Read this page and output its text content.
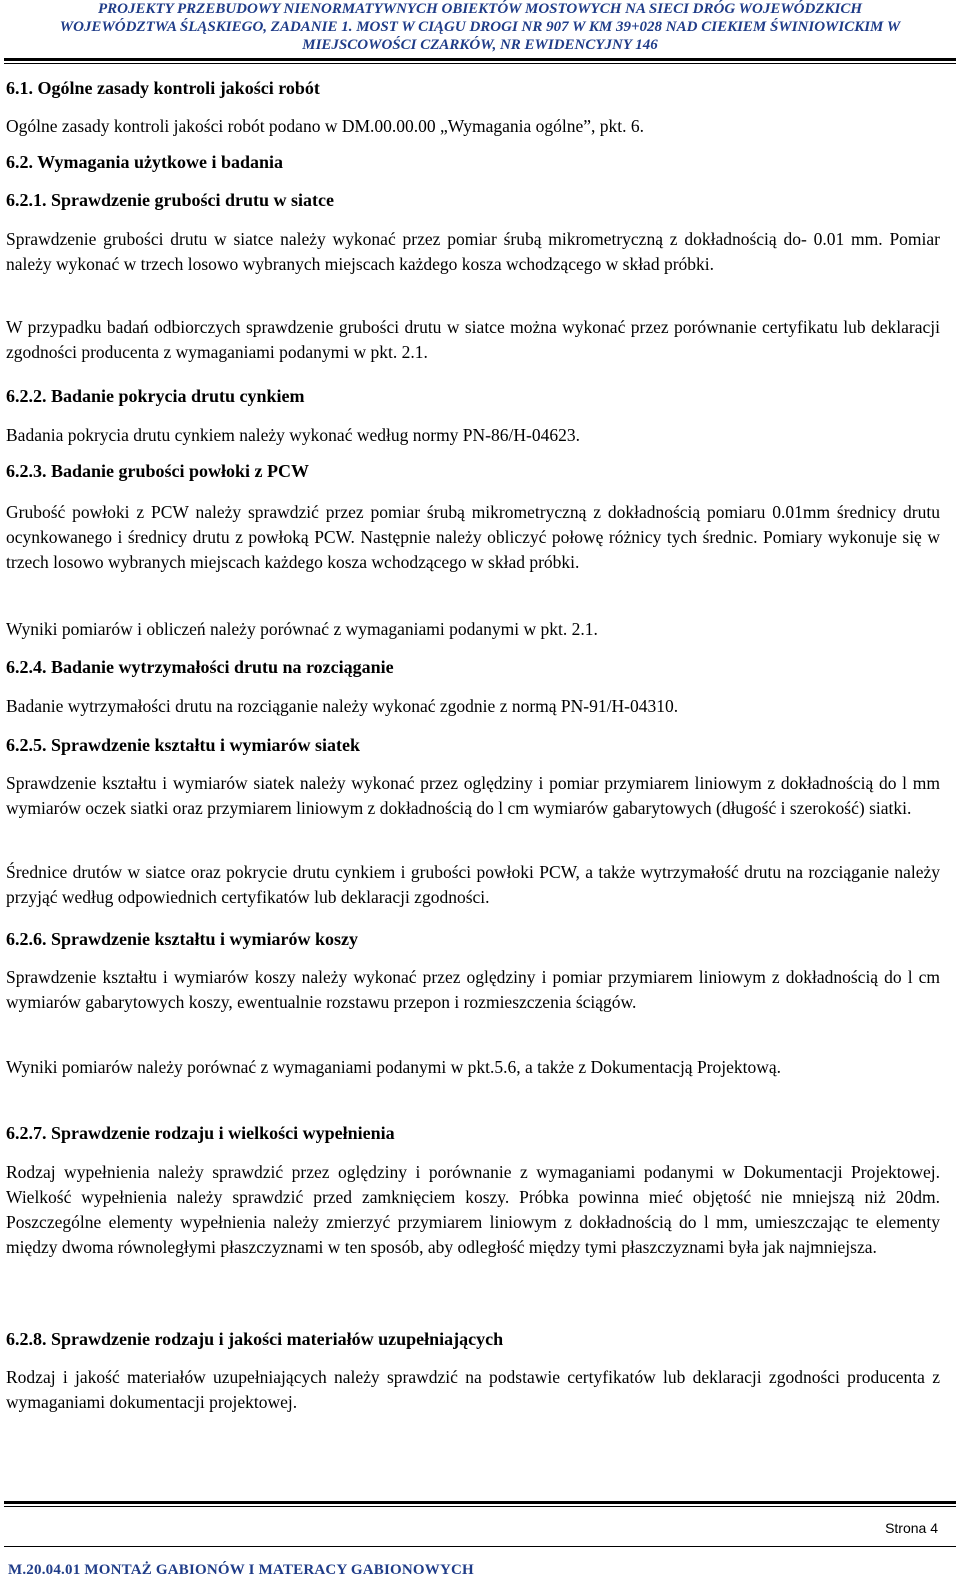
PROJEKTY PRZEBUDOWY NIENORMATYWNYCH OBIEKTÓW MOSTOWYCH NA SIECI DRÓG WOJEWÓDZKICH
WOJEWÓDZTWA ŚLĄSKIEGO, ZADANIE 1. MOST W CIĄGU DROGI NR 907 W KM 39+028 NAD CIEKIEM ŚWINIOWICKIM W
MIEJSCOWOŚCI CZARKÓW, NR EWIDENCYJNY 146
6.1. Ogólne zasady kontroli jakości robót

Ogólne zasady kontroli jakości robót podano w DM.00.00.00 „Wymagania ogólne”, pkt. 6.

6.2. Wymagania użytkowe i badania
6.2.1. Sprawdzenie grubości drutu w siatce

Sprawdzenie grubości drutu w siatce należy wykonać przez pomiar śrubą mikrometryczną z dokładnością do- 0.01 mm. Pomiar należy wykonać w trzech losowo wybranych miejscach każdego kosza wchodzącego w skład próbki.

W przypadku badań odbiorczych sprawdzenie grubości drutu w siatce można wykonać przez porównanie certyfikatu lub deklaracji zgodności producenta z wymaganiami podanymi w pkt. 2.1.

6.2.2. Badanie pokrycia drutu cynkiem

Badania pokrycia drutu cynkiem należy wykonać według normy PN-86/H-04623.

6.2.3. Badanie grubości powłoki z PCW

Grubość powłoki z PCW należy sprawdzić przez pomiar śrubą mikrometryczną z dokładnością pomiaru 0.01mm średnicy drutu ocynkowanego i średnicy drutu z powłoką PCW. Następnie należy obliczyć połowę różnicy tych średnic. Pomiary wykonuje się w trzech losowo wybranych miejscach każdego kosza wchodzącego w skład próbki.

Wyniki pomiarów i obliczeń należy porównać z wymaganiami podanymi w pkt. 2.1.

6.2.4. Badanie wytrzymałości drutu na rozciąganie

Badanie wytrzymałości drutu na rozciąganie należy wykonać zgodnie z normą PN-91/H-04310.

6.2.5. Sprawdzenie kształtu i wymiarów siatek

Sprawdzenie kształtu i wymiarów siatek należy wykonać przez oględziny i pomiar przymiarem liniowym z dokładnością do l mm wymiarów oczek siatki oraz przymiarem liniowym z dokładnością do l cm wymiarów gabarytowych (długość i szerokość) siatki.

Średnice drutów w siatce oraz pokrycie drutu cynkiem i grubości powłoki PCW, a także wytrzymałość drutu na rozciąganie należy przyjąć według odpowiednich certyfikatów lub deklaracji zgodności.

6.2.6. Sprawdzenie kształtu i wymiarów koszy

Sprawdzenie kształtu i wymiarów koszy należy wykonać przez oględziny i pomiar przymiarem liniowym z dokładnością do l cm wymiarów gabarytowych koszy, ewentualnie rozstawu przepon i rozmieszczenia ściągów.

Wyniki pomiarów należy porównać z wymaganiami podanymi w pkt.5.6, a także z Dokumentacją Projektową.

6.2.7. Sprawdzenie rodzaju i wielkości wypełnienia

Rodzaj wypełnienia należy sprawdzić przez oględziny i porównanie z wymaganiami podanymi w Dokumentacji Projektowej. Wielkość wypełnienia należy sprawdzić przed zamknięciem koszy. Próbka powinna mieć objętość nie mniejszą niż 20dm. Poszczególne elementy wypełnienia należy zmierzyć przymiarem liniowym z dokładnością do l mm, umieszczając te elementy między dwoma równoległymi płaszczyznami w ten sposób, aby odległość między tymi płaszczyznami była jak najmniejsza.

6.2.8. Sprawdzenie rodzaju i jakości materiałów uzupełniających

Rodzaj i jakość materiałów uzupełniających należy sprawdzić na podstawie certyfikatów lub deklaracji zgodności producenta z wymaganiami dokumentacji projektowej.

Strona 4
M.20.04.01 MONTAŻ GABIONÓW I MATERACY GABIONOWYCH
